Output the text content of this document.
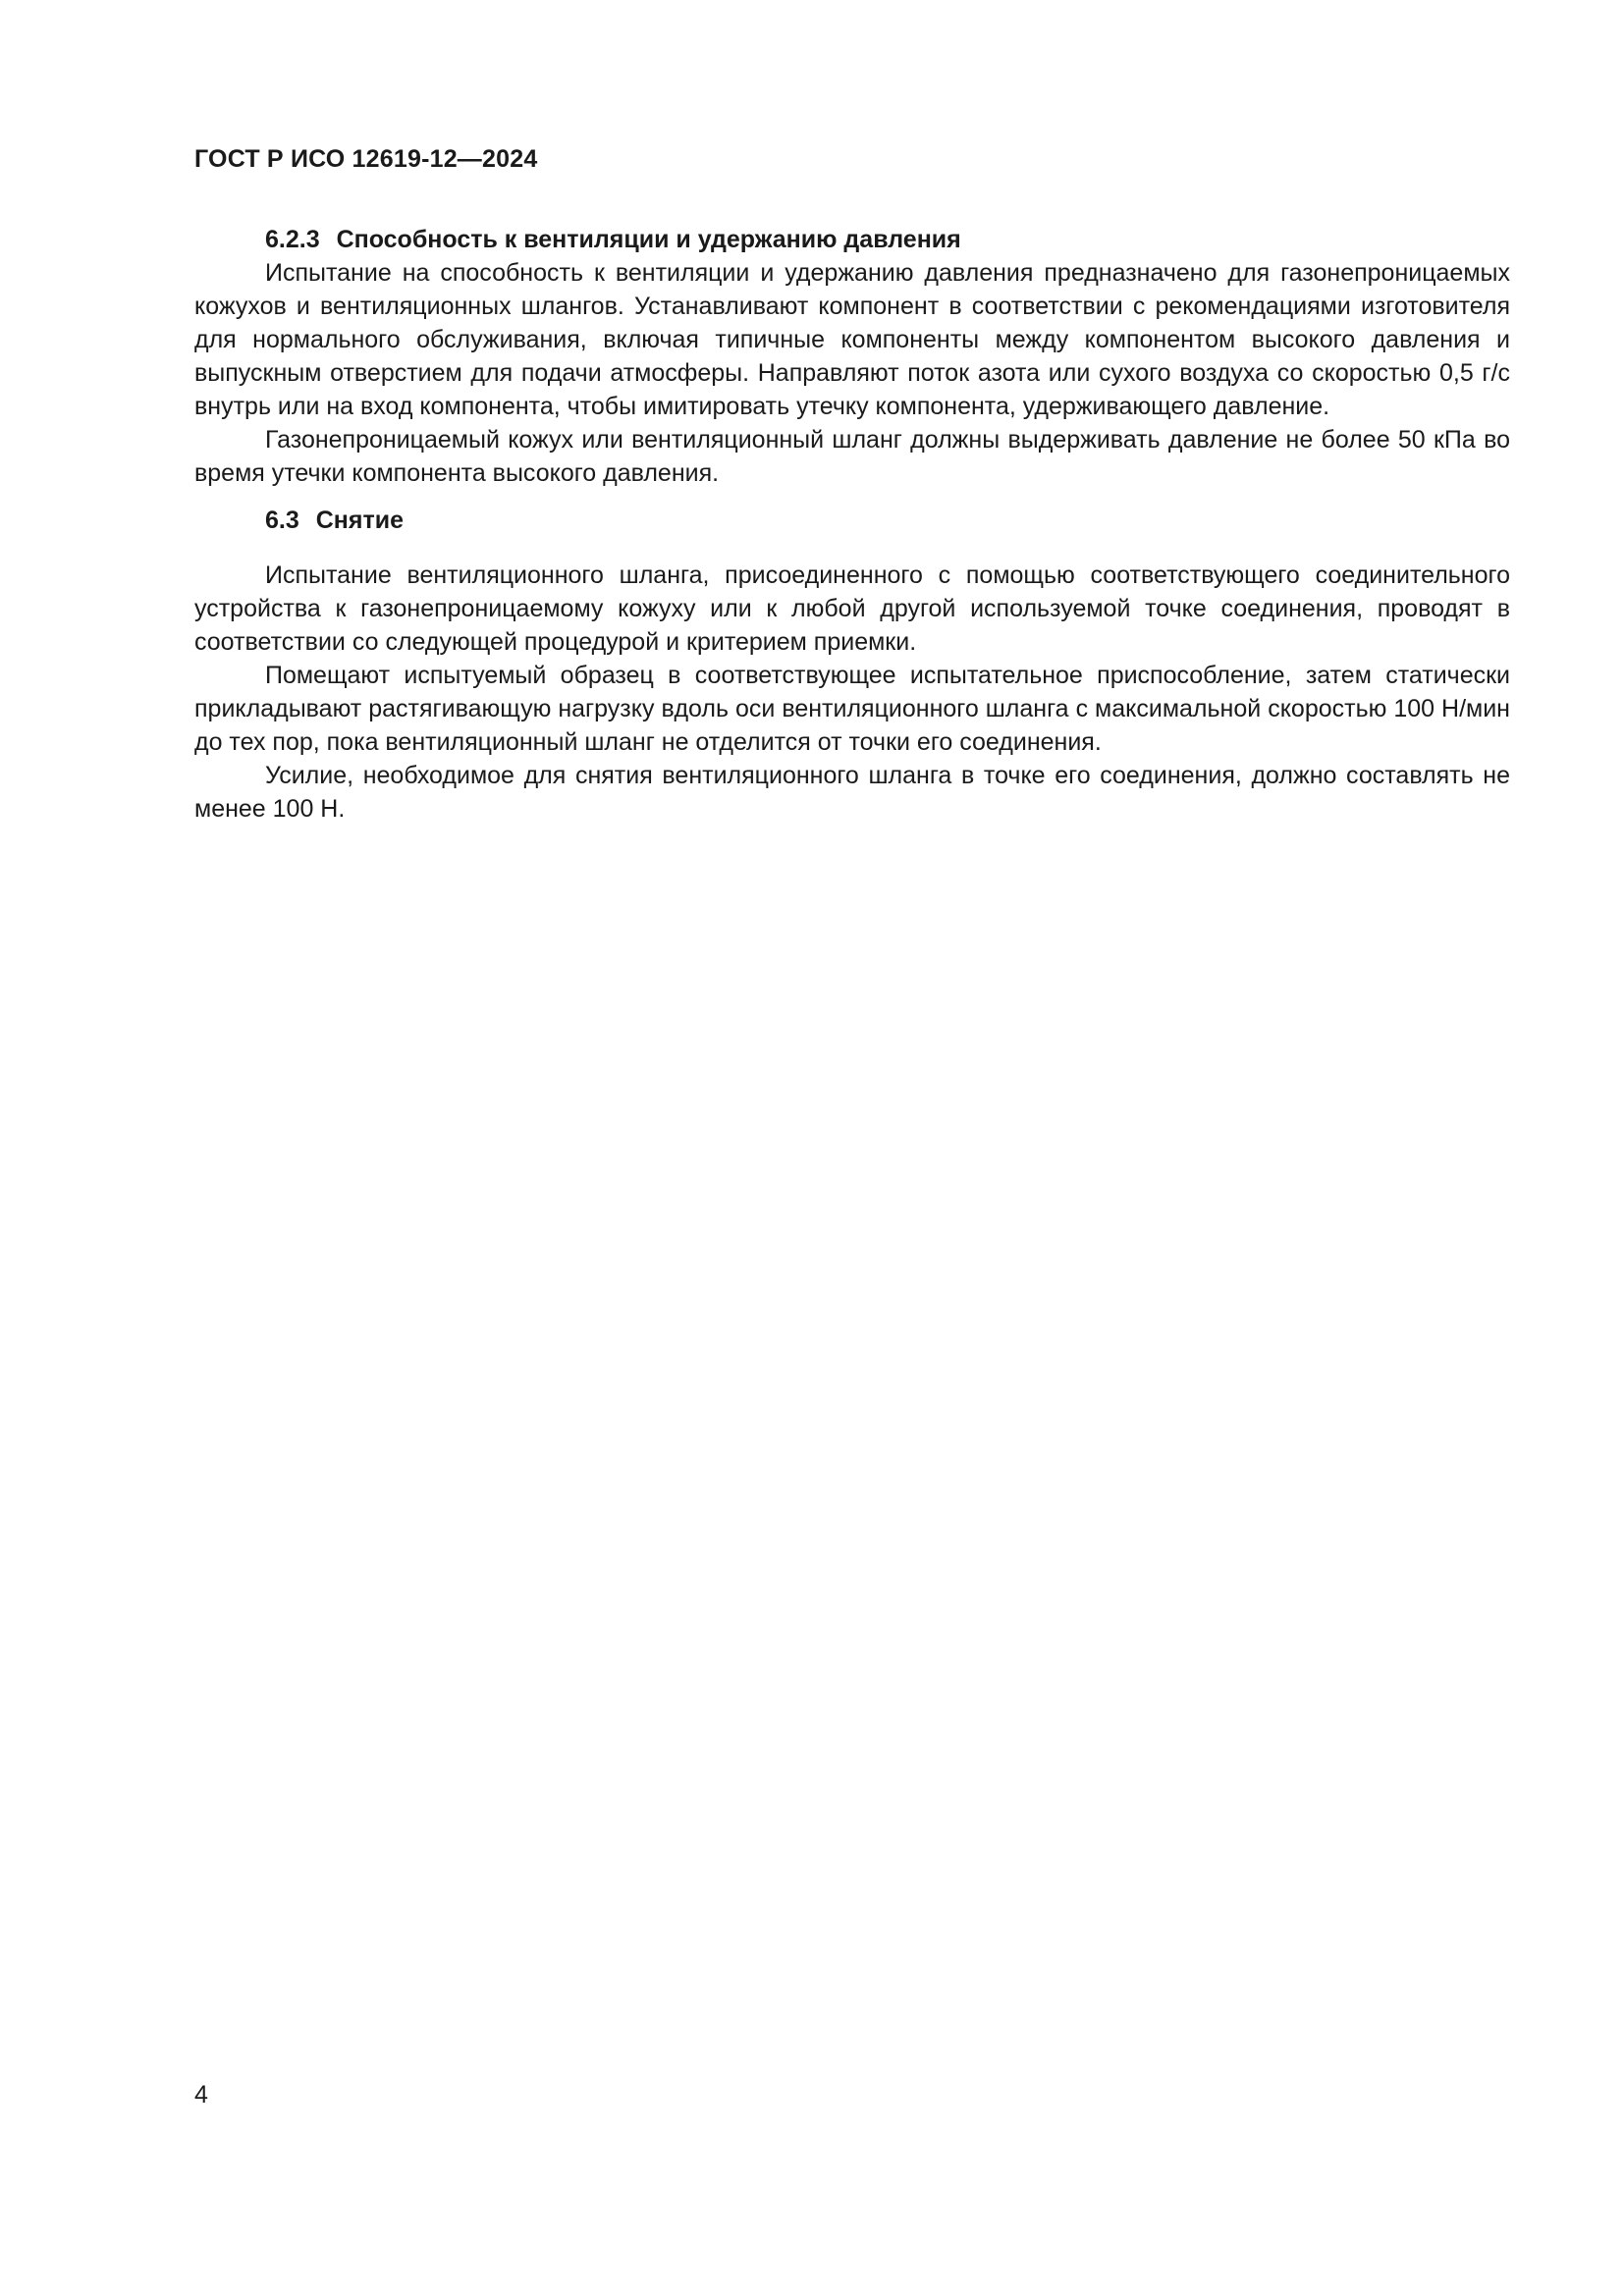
ГОСТ Р ИСО 12619-12—2024
6.2.3 Способность к вентиляции и удержанию давления

Испытание на способность к вентиляции и удержанию давления предназначено для газонепроницаемых кожухов и вентиляционных шлангов. Устанавливают компонент в соответствии с рекомендациями изготовителя для нормального обслуживания, включая типичные компоненты между компонентом высокого давления и выпускным отверстием для подачи атмосферы. Направляют поток азота или сухого воздуха со скоростью 0,5 г/с внутрь или на вход компонента, чтобы имитировать утечку компонента, удерживающего давление.

Газонепроницаемый кожух или вентиляционный шланг должны выдерживать давление не более 50 кПа во время утечки компонента высокого давления.

6.3 Снятие

Испытание вентиляционного шланга, присоединенного с помощью соответствующего соединительного устройства к газонепроницаемому кожуху или к любой другой используемой точке соединения, проводят в соответствии со следующей процедурой и критерием приемки.

Помещают испытуемый образец в соответствующее испытательное приспособление, затем статически прикладывают растягивающую нагрузку вдоль оси вентиляционного шланга с максимальной скоростью 100 Н/мин до тех пор, пока вентиляционный шланг не отделится от точки его соединения.

Усилие, необходимое для снятия вентиляционного шланга в точке его соединения, должно составлять не менее 100 Н.

4
